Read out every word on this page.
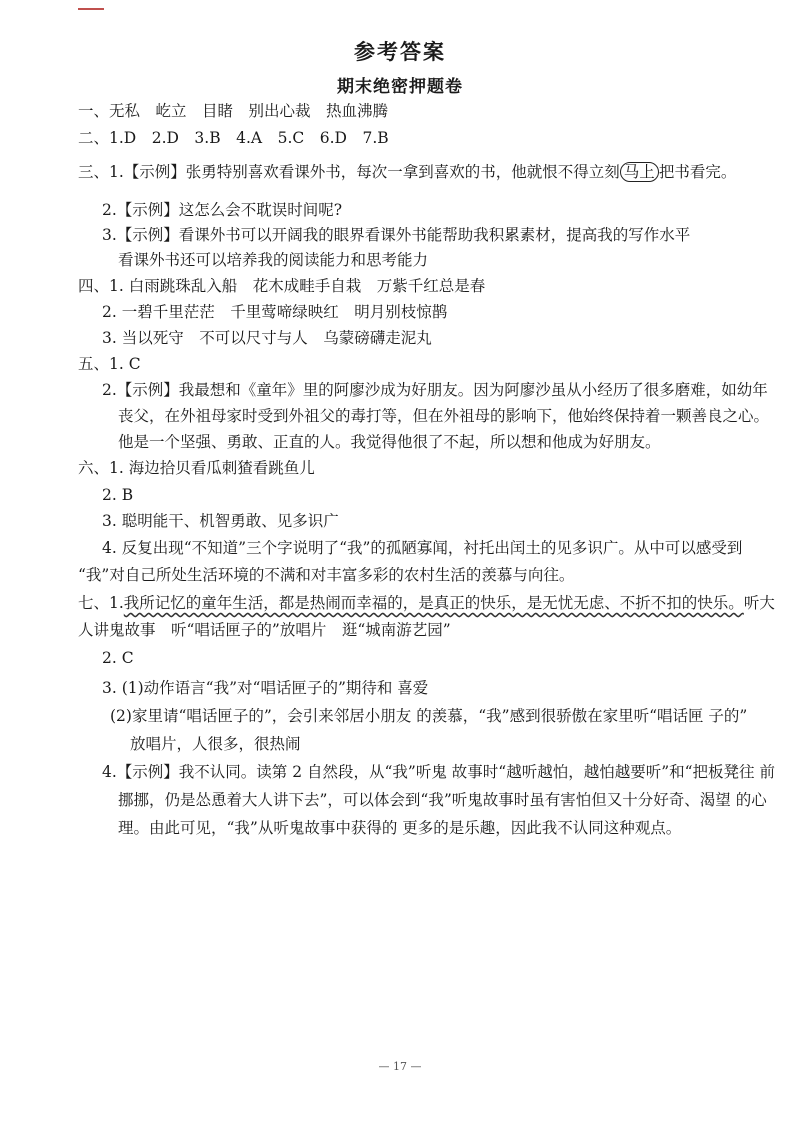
参考答案
期末绝密押题卷
一、无私　屹立　目睹　别出心裁　热血沸腾
二、1.D　2.D　3.B　4.A　5.C　6.D　7.B
三、1.【示例】张勇特别喜欢看课外书，每次一拿到喜欢的书，他就恨不得立刻 马上 把书看完。
2.【示例】这怎么会不耽误时间呢?
3.【示例】看课外书可以开阔我的眼界看课外书能帮助我积累素材，提高我的写作水平
看课外书还可以培养我的阅读能力和思考能力
四、1. 白雨跳珠乱入船　花木成畦手自栽　万紫千红总是春
2. 一碧千里茫茫　千里莺啼绿映红　明月别枝惊鹊
3. 当以死守　不可以尺寸与人　乌蒙磅礴走泥丸
五、1. C
2.【示例】我最想和《童年》里的阿廖沙成为好朋友。因为阿廖沙虽从小经历了很多磨难，如幼年
丧父，在外祖母家时受到外祖父的毒打等，但在外祖母的影响下，他始终保持着一颗善良之心。
他是一个坚强、勇敢、正直的人。我觉得他很了不起，所以想和他成为好朋友。
六、1. 海边拾贝看瓜刺猹看跳鱼儿
2. B
3. 聪明能干、机智勇敢、见多识广
4. 反复出现“不知道”三个字说明了“我”的孤陋寡闻，衬托出闰土的见多识广。从中可以感受到
“我”对自己所处生活环境的不满和对丰富多彩的农村生活的羡慕与向往。
七、1.我所记忆的童年生活，都是热闹而幸福的，是真正的快乐，是无忧无虑、不折不扣的快乐。听大
人讲鬼故事　听“唱话匣子的”放唱片　逛“城南游艺园”
2. C
3. (1)动作语言“我”对“唱话匣子的”期待和 喜爱
(2)家里请“唱话匣子的”，会引来邻居小朋友 的羡慕，“我”感到很骄傲在家里听“唱话匣 子的”
放唱片，人很多，很热闹
4.【示例】我不认同。读第 2 自然段，从“我”听鬼 故事时“越听越怕，越怕越要听”和“把板凳往 前
挪挪，仍是怂恿着大人讲下去”，可以体会到“我”听鬼故事时虽有害怕但又十分好奇、渴望 的心
理。由此可见，“我”从听鬼故事中获得的 更多的是乐趣，因此我不认同这种观点。
— 17 —
